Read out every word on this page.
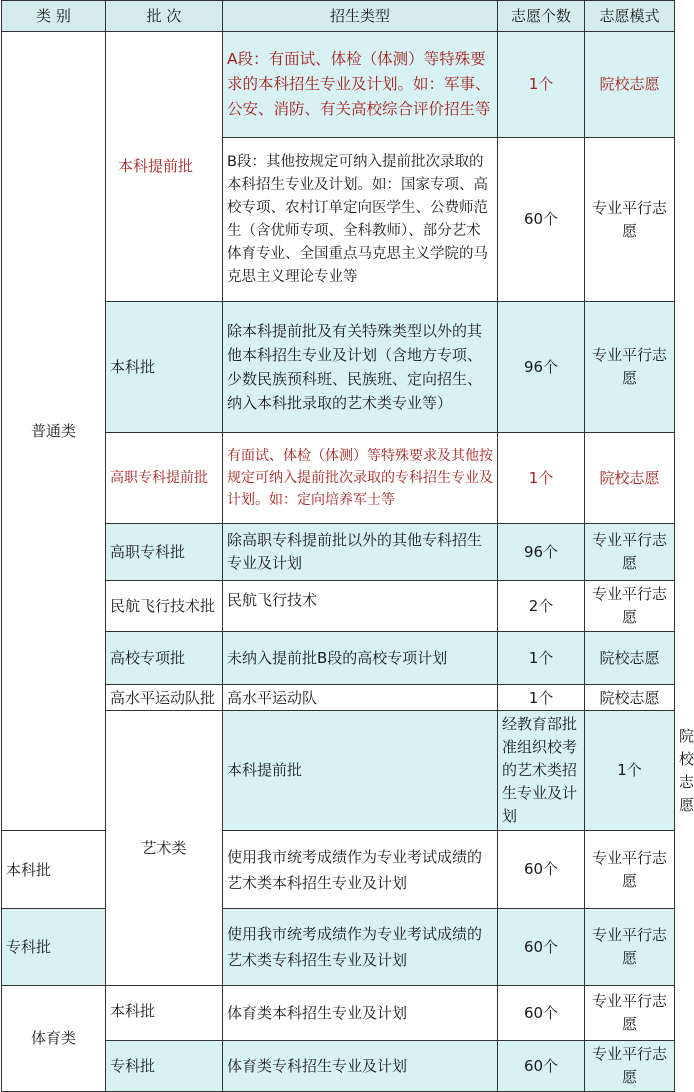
类 别	批 次	招生类型	志愿个数	志愿模式	
普通类	本科提前批	A段：有面试、体检（体测）等特殊要求的本科招生专业及计划。如：军事、公安、消防、有关高校综合评价招生等	1个	院校志愿	
		B段：其他按规定可纳入提前批次录取的本科招生专业及计划。如：国家专项、高校专项、农村订单定向医学生、公费师范生（含优师专项、全科教师）、部分艺术体育专业、全国重点马克思主义学院的马克思主义理论专业等	60个	专业平行志愿	
	本科批	除本科提前批及有关特殊类型以外的其他本科招生专业及计划（含地方专项、少数民族预科班、民族班、定向招生、纳入本科批录取的艺术类专业等）	96个	专业平行志愿	
	高职专科提前批	有面试、体检（体测）等特殊要求及其他按规定可纳入提前批次录取的专科招生专业及计划。如：定向培养军士等	1个	院校志愿	
	高职专科批	除高职专科提前批以外的其他专科招生专业及计划	96个	专业平行志愿	
	民航飞行技术批	民航飞行技术	2个	专业平行志愿	
	高校专项批	未纳入提前批B段的高校专项计划	1个	院校志愿	
	高水平运动队批	高水平运动队	1个	院校志愿	
	艺术类	本科提前批	经教育部批准组织校考的艺术类招生专业及计划	1个	院校志愿
本科批		使用我市统考成绩作为专业考试成绩的艺术类本科招生专业及计划	60个	专业平行志愿	
专科批		使用我市统考成绩作为专业考试成绩的艺术类专科招生专业及计划	60个	专业平行志愿	
体育类	本科批	体育类本科招生专业及计划	60个	专业平行志愿	
	专科批	体育类专科招生专业及计划	60个	专业平行志愿	
